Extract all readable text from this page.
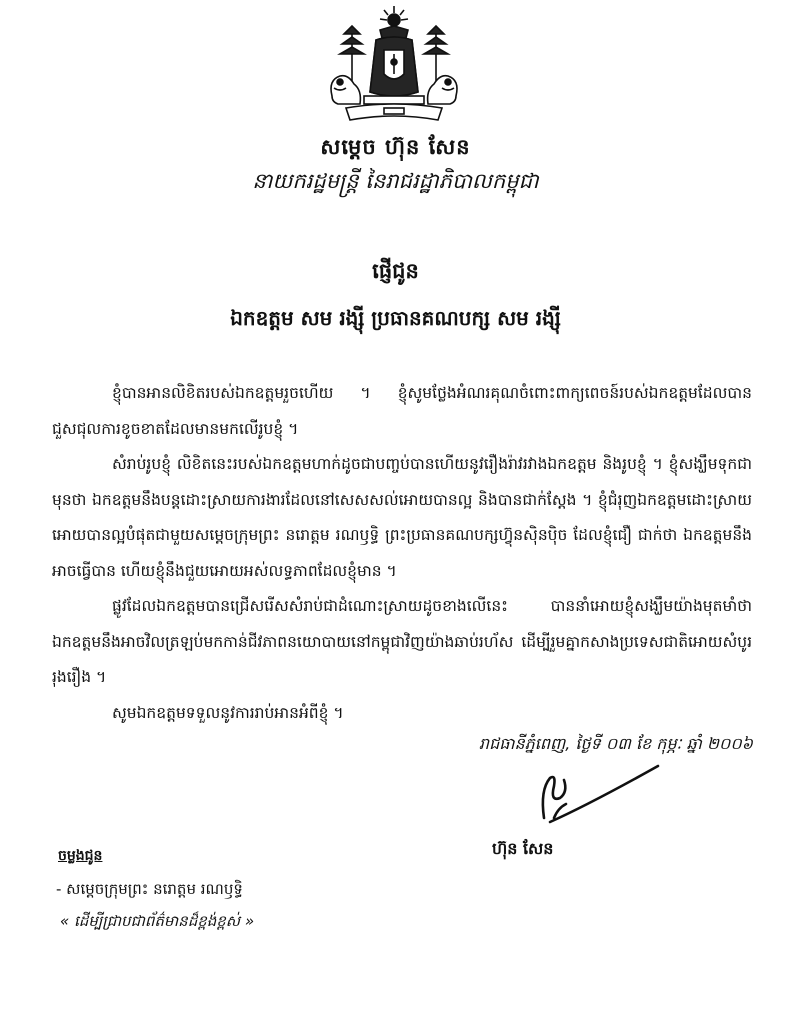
សម្ដេច ហ៊ុន សែន
នាយករដ្ឋមន្ត្រី នៃរាជរដ្ឋាភិបាលកម្ពុជា
ផ្ញើជូន
ឯកឧត្ដម សម រង្ស៊ី ប្រធានគណបក្ស សម រង្ស៊ី

ខ្ញុំបានអានលិខិតរបស់ឯកឧត្ដមរួចហើយ ។ ខ្ញុំសូមថ្លែងអំណរគុណចំពោះពាក្យពេចន៍របស់ឯកឧត្ដមដែលបានជួសជុលការខូចខាតដែលមានមកលើរូបខ្ញុំ ។

សំរាប់រូបខ្ញុំ លិខិតនេះរបស់ឯកឧត្ដមហាក់ដូចជាបញ្ចប់បានហើយនូវរឿងរ៉ាវរវាងឯកឧត្ដម និងរូបខ្ញុំ ។ ខ្ញុំសង្ឃឹមទុកជាមុនថា ឯកឧត្ដមនឹងបន្ដដោះស្រាយការងារដែលនៅសេសសល់អោយបានល្អ និងបានជាក់ស្ដែង ។ ខ្ញុំជំរុញឯកឧត្ដមដោះស្រាយអោយបានល្អបំផុតជាមួយសម្ដេចក្រុមព្រះ នរោត្ដម រណឫទ្ធិ ព្រះប្រធានគណបក្សហ៊្វុនស៊ិនប៉ិច ដែលខ្ញុំជឿ ជាក់ថា ឯកឧត្ដមនឹងអាចធ្វើបាន ហើយខ្ញុំនឹងជួយអោយអស់លទ្ធភាពដែលខ្ញុំមាន ។

ផ្លូវដែលឯកឧត្ដមបានជ្រើសរើសសំរាប់ជាដំណោះស្រាយដូចខាងលើនេះ បាននាំអោយខ្ញុំសង្ឃឹមយ៉ាងមុតមាំថា ឯកឧត្ដមនឹងអាចវិលត្រឡប់មកកាន់ជីវភាពនយោបាយនៅកម្ពុជាវិញយ៉ាងឆាប់រហ័ស ដើម្បីរួមគ្នាកសាងប្រទេសជាតិអោយសំបូររុងរឿង ។

សូមឯកឧត្ដមទទួលនូវការរាប់អានអំពីខ្ញុំ ។

រាជធានីភ្នំពេញ, ថ្ងៃទី ០៣ ខែ កុម្ភៈ ឆ្នាំ ២០០៦
ហ៊ុន សែន
ចម្លងជូន
- សម្ដេចក្រុមព្រះ នរោត្ដម រណឫទ្ធិ
« ដើម្បីជ្រាបជាព័ត៌មានដ៏ខ្ពង់ខ្ពស់ »
